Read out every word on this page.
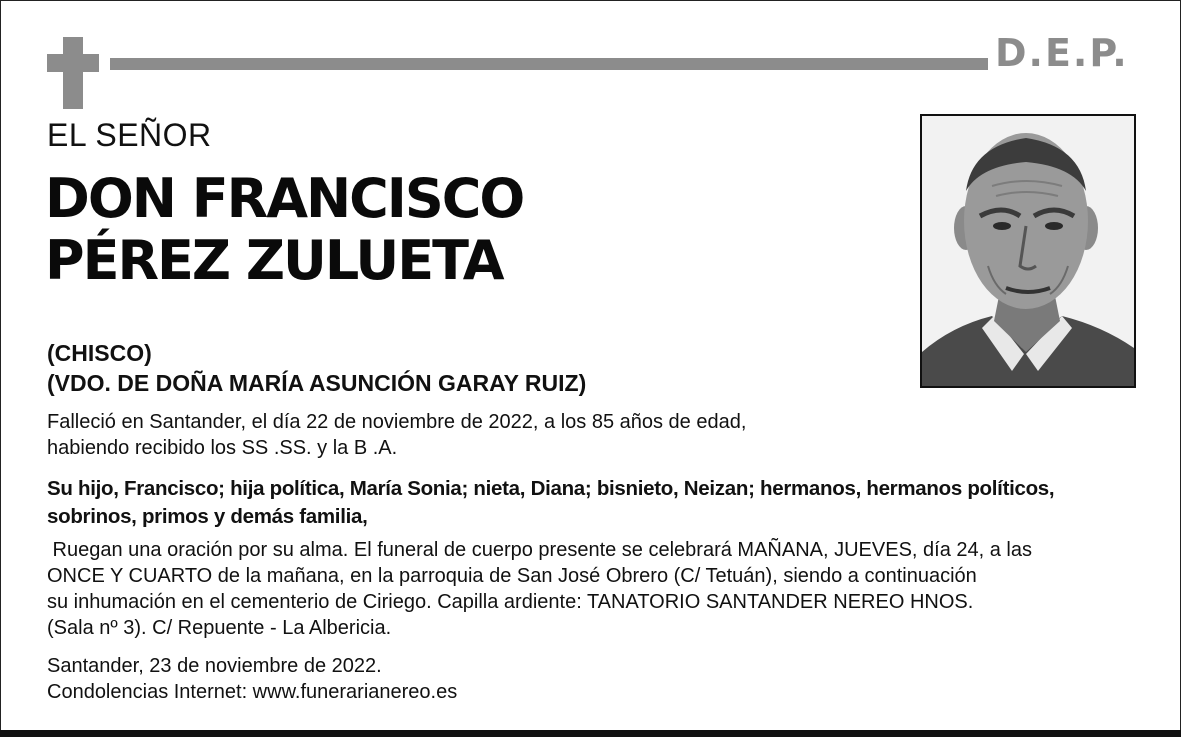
D.E.P.
EL SEÑOR
DON FRANCISCO
PÉREZ ZULUETA
(CHISCO)
(VDO. DE DOÑA MARÍA ASUNCIÓN GARAY RUIZ)
Falleció en Santander, el día 22 de noviembre de 2022, a los 85 años de edad,
habiendo recibido los SS .SS. y la B .A.
Su hijo, Francisco; hija política, María Sonia; nieta, Diana; bisnieto, Neizan; hermanos, hermanos políticos,
sobrinos, primos y demás familia,
Ruegan una oración por su alma. El funeral de cuerpo presente se celebrará MAÑANA, JUEVES, día 24, a las
ONCE Y CUARTO de la mañana, en la parroquia de San José Obrero (C/ Tetuán), siendo a continuación
su inhumación en el cementerio de Ciriego. Capilla ardiente: TANATORIO SANTANDER NEREO HNOS.
(Sala nº 3). C/ Repuente - La Albericia.
Santander, 23 de noviembre de 2022.
Condolencias Internet: www.funerarianereo.es
